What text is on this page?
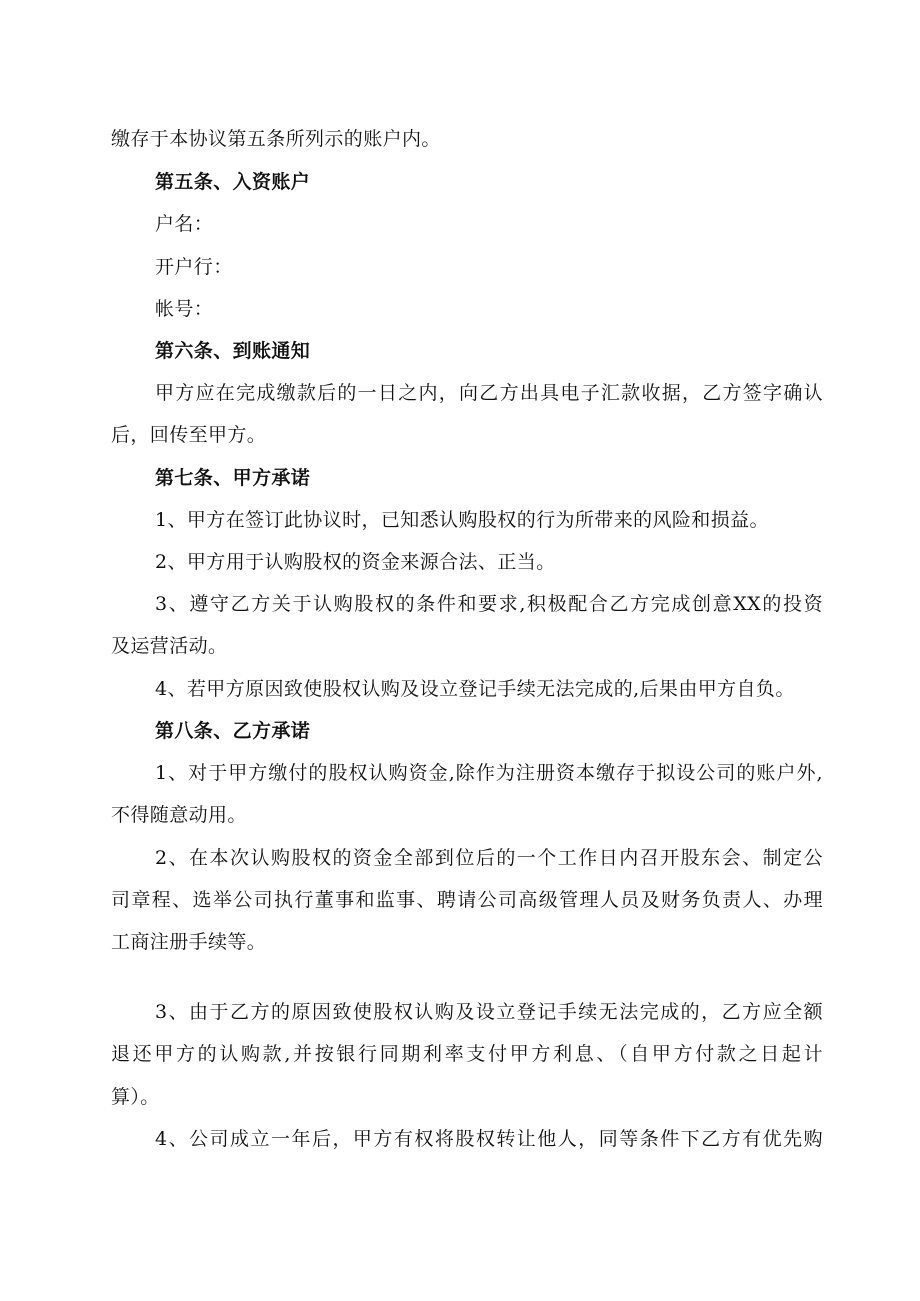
缴存于本协议第五条所列示的账户内。
第五条、入资账户
户名：
开户行：
帐号：
第六条、到账通知
甲方应在完成缴款后的一日之内，向乙方出具电子汇款收据，乙方签字确认
后，回传至甲方。
第七条、甲方承诺
1、甲方在签订此协议时，已知悉认购股权的行为所带来的风险和损益。
2、甲方用于认购股权的资金来源合法、正当。
3、遵守乙方关于认购股权的条件和要求,积极配合乙方完成创意XX的投资
及运营活动。
4、若甲方原因致使股权认购及设立登记手续无法完成的,后果由甲方自负。
第八条、乙方承诺
1、对于甲方缴付的股权认购资金,除作为注册资本缴存于拟设公司的账户外,
不得随意动用。
2、在本次认购股权的资金全部到位后的一个工作日内召开股东会、制定公
司章程、选举公司执行董事和监事、聘请公司高级管理人员及财务负责人、办理
工商注册手续等。
3、由于乙方的原因致使股权认购及设立登记手续无法完成的，乙方应全额
退还甲方的认购款,并按银行同期利率支付甲方利息、（自甲方付款之日起计
算）。
4、公司成立一年后，甲方有权将股权转让他人，同等条件下乙方有优先购
